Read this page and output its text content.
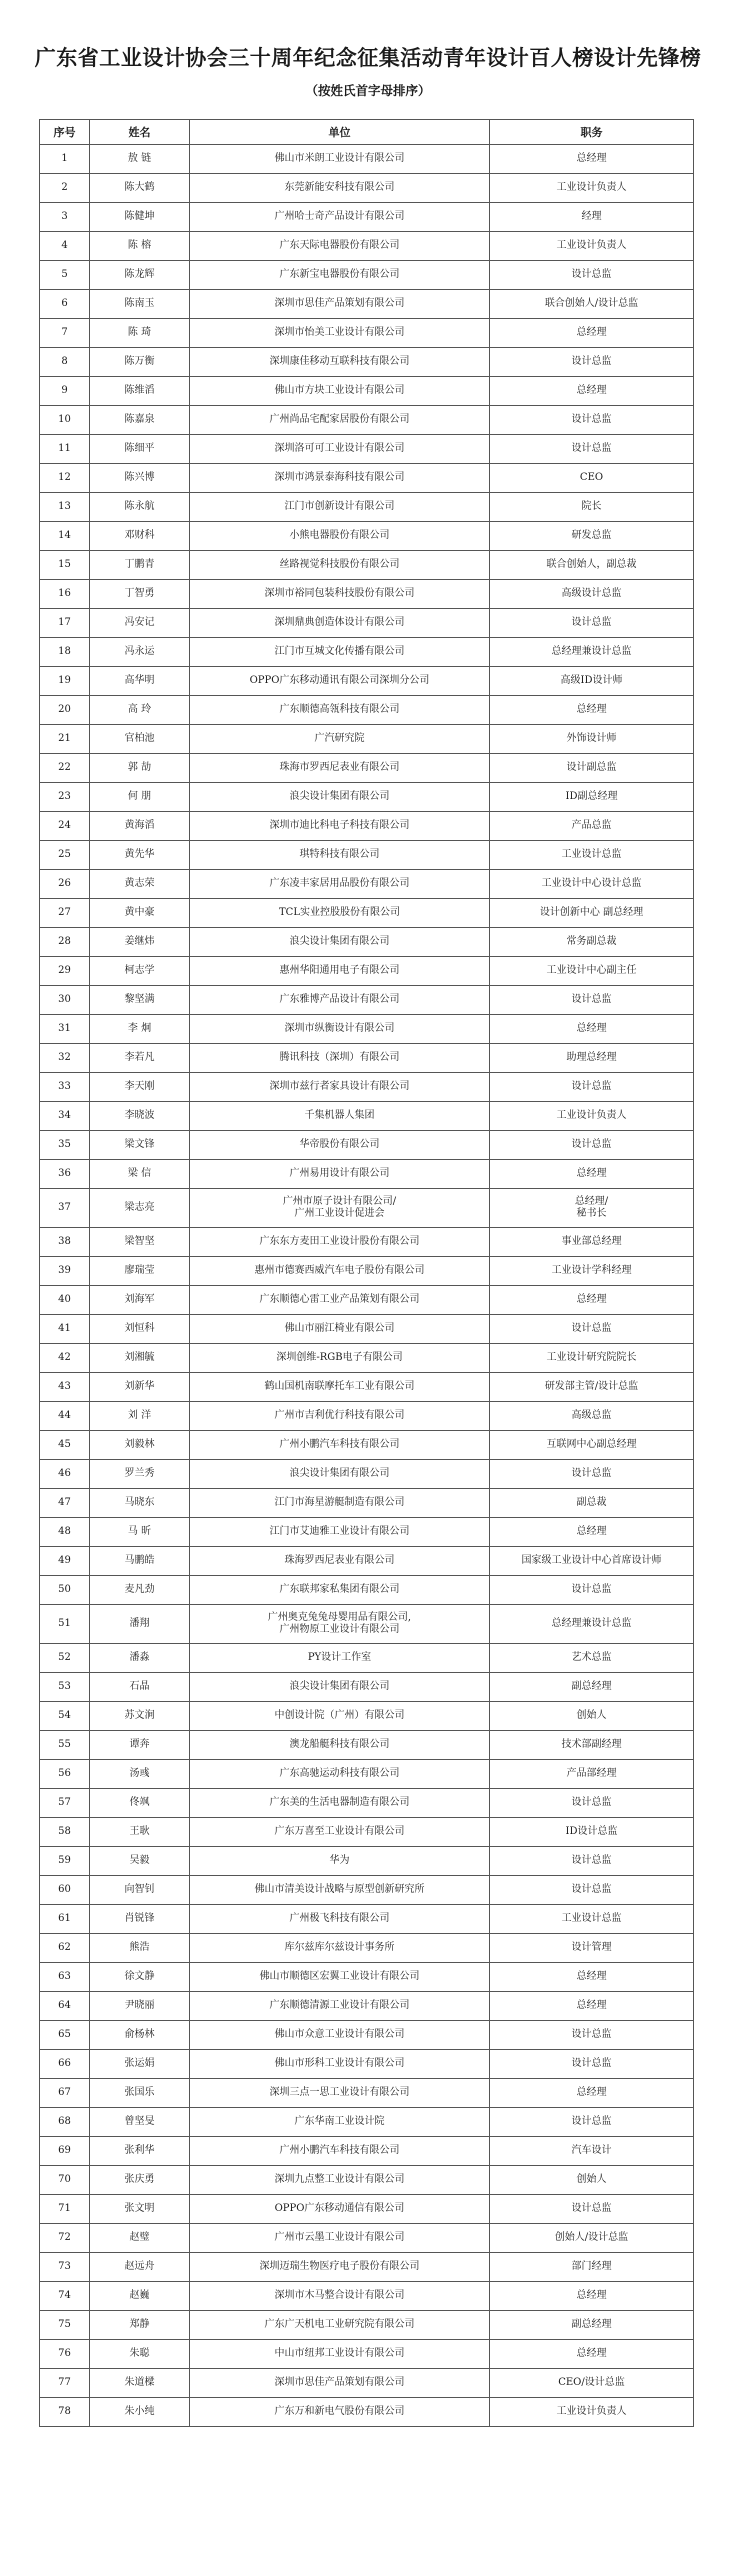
广东省工业设计协会三十周年纪念征集活动青年设计百人榜设计先锋榜
（按姓氏首字母排序）
序号	姓名	单位	职务
1	敖 链	佛山市米朗工业设计有限公司	总经理
2	陈大鹤	东莞新能安科技有限公司	工业设计负责人
3	陈健坤	广州哈士奇产品设计有限公司	经理
4	陈 榕	广东天际电器股份有限公司	工业设计负责人
5	陈龙辉	广东新宝电器股份有限公司	设计总监
6	陈南玉	深圳市思佳产品策划有限公司	联合创始人/设计总监
7	陈 琦	深圳市怡美工业设计有限公司	总经理
8	陈万衡	深圳康佳移动互联科技有限公司	设计总监
9	陈维滔	佛山市方块工业设计有限公司	总经理
10	陈嘉泉	广州尚品宅配家居股份有限公司	设计总监
11	陈细平	深圳洛可可工业设计有限公司	设计总监
12	陈兴博	深圳市鸿景泰海科技有限公司	CEO
13	陈永航	江门市创新设计有限公司	院长
14	邓财科	小熊电器股份有限公司	研发总监
15	丁鹏青	丝路视觉科技股份有限公司	联合创始人，副总裁
16	丁智勇	深圳市裕同包装科技股份有限公司	高级设计总监
17	冯安记	深圳鼎典创造体设计有限公司	设计总监
18	冯永运	江门市互城文化传播有限公司	总经理兼设计总监
19	高华明	OPPO广东移动通讯有限公司深圳分公司	高级ID设计师
20	高 玲	广东顺德高瓴科技有限公司	总经理
21	官柏池	广汽研究院	外饰设计师
22	郭 劼	珠海市罗西尼表业有限公司	设计副总监
23	何 朋	浪尖设计集团有限公司	ID副总经理
24	黄海滔	深圳市迪比科电子科技有限公司	产品总监
25	黄先华	琪特科技有限公司	工业设计总监
26	黄志荣	广东凌丰家居用品股份有限公司	工业设计中心设计总监
27	黄中豪	TCL实业控股股份有限公司	设计创新中心 副总经理
28	姜继炜	浪尖设计集团有限公司	常务副总裁
29	柯志学	惠州华阳通用电子有限公司	工业设计中心副主任
30	黎坚满	广东雅博产品设计有限公司	设计总监
31	李 炯	深圳市纵衡设计有限公司	总经理
32	李若凡	腾讯科技（深圳）有限公司	助理总经理
33	李天刚	深圳市兹行者家具设计有限公司	设计总监
34	李晓波	千集机器人集团	工业设计负责人
35	梁文锋	华帝股份有限公司	设计总监
36	梁 信	广州易用设计有限公司	总经理
37	梁志亮	广州市原子设计有限公司/
广州工业设计促进会	总经理/
秘书长
38	梁智坚	广东东方麦田工业设计股份有限公司	事业部总经理
39	廖瑞莹	惠州市德赛西威汽车电子股份有限公司	工业设计学科经理
40	刘海军	广东顺德心雷工业产品策划有限公司	总经理
41	刘恒科	佛山市丽江椅业有限公司	设计总监
42	刘湘毓	深圳创维-RGB电子有限公司	工业设计研究院院长
43	刘新华	鹤山国机南联摩托车工业有限公司	研发部主管/设计总监
44	刘 洋	广州市吉利优行科技有限公司	高级总监
45	刘毅林	广州小鹏汽车科技有限公司	互联网中心副总经理
46	罗兰秀	浪尖设计集团有限公司	设计总监
47	马晓东	江门市海星游艇制造有限公司	副总裁
48	马 昕	江门市艾迪雅工业设计有限公司	总经理
49	马鹏皓	珠海罗西尼表业有限公司	国家级工业设计中心首席设计师
50	麦凡劲	广东联邦家私集团有限公司	设计总监
51	潘翔	广州奥克兔兔母婴用品有限公司,
广州物原工业设计有限公司	总经理兼设计总监
52	潘淼	PY设计工作室	艺术总监
53	石晶	浪尖设计集团有限公司	副总经理
54	苏文涧	中创设计院（广州）有限公司	创始人
55	谭奔	澳龙船艇科技有限公司	技术部副经理
56	汤彧	广东高驰运动科技有限公司	产品部经理
57	佟飒	广东美的生活电器制造有限公司	设计总监
58	王耿	广东万喜至工业设计有限公司	ID设计总监
59	吴毅	华为	设计总监
60	向智钊	佛山市清美设计战略与原型创新研究所	设计总监
61	肖锐锋	广州极飞科技有限公司	工业设计总监
62	熊浩	库尔兹库尔兹设计事务所	设计管理
63	徐文静	佛山市顺德区宏翼工业设计有限公司	总经理
64	尹晓丽	广东顺德清源工业设计有限公司	总经理
65	俞杨林	佛山市众意工业设计有限公司	设计总监
66	张运娟	佛山市形科工业设计有限公司	设计总监
67	张国乐	深圳三点一思工业设计有限公司	总经理
68	曾坚旻	广东华南工业设计院	设计总监
69	张利华	广州小鹏汽车科技有限公司	汽车设计
70	张庆勇	深圳九点整工业设计有限公司	创始人
71	张文明	OPPO广东移动通信有限公司	设计总监
72	赵璧	广州市云墨工业设计有限公司	创始人/设计总监
73	赵远舟	深圳迈瑞生物医疗电子股份有限公司	部门经理
74	赵巍	深圳市木马整合设计有限公司	总经理
75	郑静	广东广天机电工业研究院有限公司	副总经理
76	朱聪	中山市纽邦工业设计有限公司	总经理
77	朱道樑	深圳市思佳产品策划有限公司	CEO/设计总监
78	朱小纯	广东万和新电气股份有限公司	工业设计负责人
